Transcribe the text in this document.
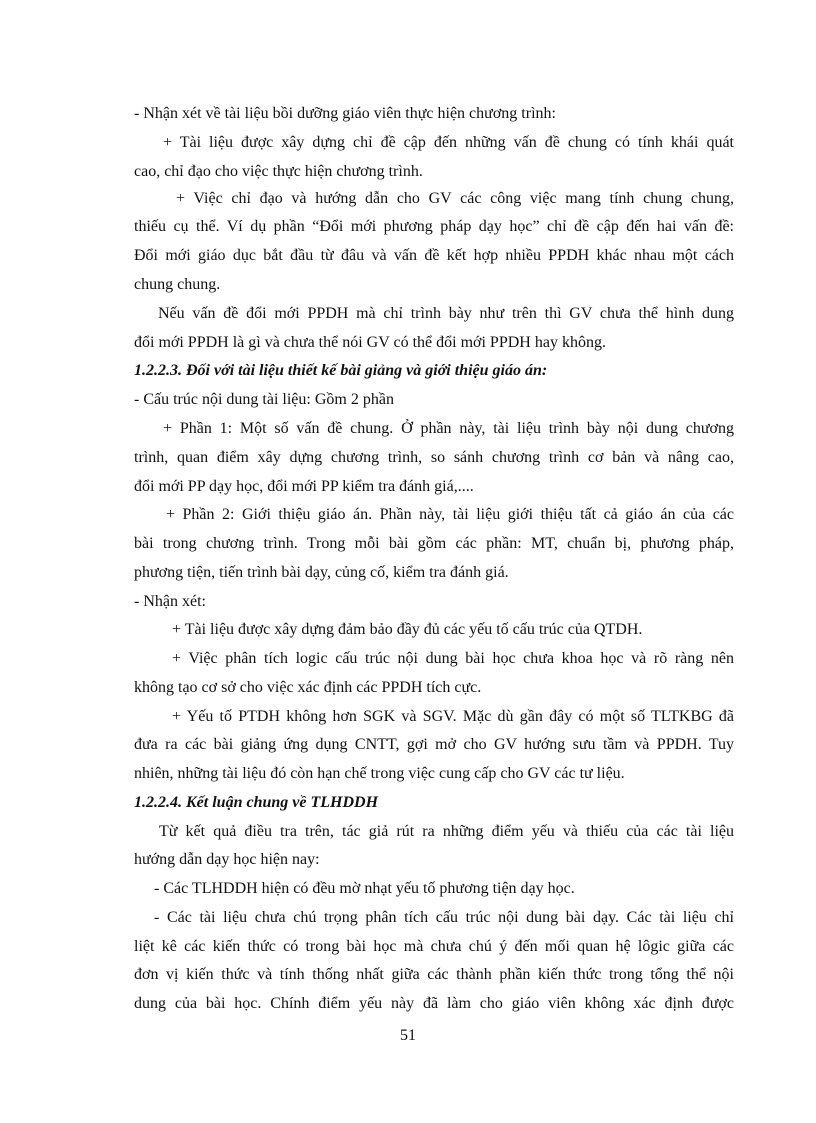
- Nhận xét về tài liệu bồi dưỡng giáo viên thực hiện chương trình:
+ Tài liệu được xây dựng chỉ đề cập đến những vấn đề chung có tính khái quát
cao, chỉ đạo cho việc thực hiện chương trình.
+ Việc chỉ đạo và hướng dẫn cho GV các công việc mang tính chung chung,
thiếu cụ thể. Ví dụ phần “Đổi mới phương pháp dạy học” chỉ đề cập đến hai vấn đề:
Đổi mới giáo dục bắt đầu từ đâu và vấn đề kết hợp nhiều PPDH khác nhau một cách
chung chung.
Nếu vấn đề đổi mới PPDH mà chỉ trình bày như trên thì GV chưa thể hình dung
đổi mới PPDH là gì và chưa thể nói GV có thể đổi mới PPDH hay không.
1.2.2.3. Đối với tài liệu thiết kế bài giảng và giới thiệu giáo án:
- Cấu trúc nội dung tài liệu: Gồm 2 phần
+ Phần 1: Một số vấn đề chung. Ở phần này, tài liệu trình bày nội dung chương
trình, quan điểm xây dựng chương trình, so sánh chương trình cơ bản và nâng cao,
đổi mới PP dạy học, đổi mới PP kiểm tra đánh giá,....
+ Phần 2: Giới thiệu giáo án. Phần này, tài liệu giới thiệu tất cả giáo án của các
bài trong chương trình. Trong mỗi bài gồm các phần: MT, chuẩn bị, phương pháp,
phương tiện, tiến trình bài dạy, củng cố, kiểm tra đánh giá.
- Nhận xét:
+ Tài liệu được xây dựng đảm bảo đầy đủ các yếu tố cấu trúc của QTDH.
+ Việc phân tích logic cấu trúc nội dung bài học chưa khoa học và rõ ràng nên
không tạo cơ sở cho việc xác định các PPDH tích cực.
+ Yếu tố PTDH không hơn SGK và SGV. Mặc dù gần đây có một số TLTKBG đã
đưa ra các bài giảng ứng dụng CNTT, gợi mở cho GV hướng sưu tầm và PPDH. Tuy
nhiên, những tài liệu đó còn hạn chế trong việc cung cấp cho GV các tư liệu.
1.2.2.4. Kết luận chung về TLHDDH
Từ kết quả điều tra trên, tác giả rút ra những điểm yếu và thiếu của các tài liệu
hướng dẫn dạy học hiện nay:
- Các TLHDDH hiện có đều mờ nhạt yếu tố phương tiện dạy học.
- Các tài liệu chưa chú trọng phân tích cấu trúc nội dung bài dạy. Các tài liệu chỉ
liệt kê các kiến thức có trong bài học mà chưa chú ý đến mối quan hệ lôgic giữa các
đơn vị kiến thức và tính thống nhất giữa các thành phần kiến thức trong tổng thể nội
dung của bài học. Chính điểm yếu này đã làm cho giáo viên không xác định được
51
